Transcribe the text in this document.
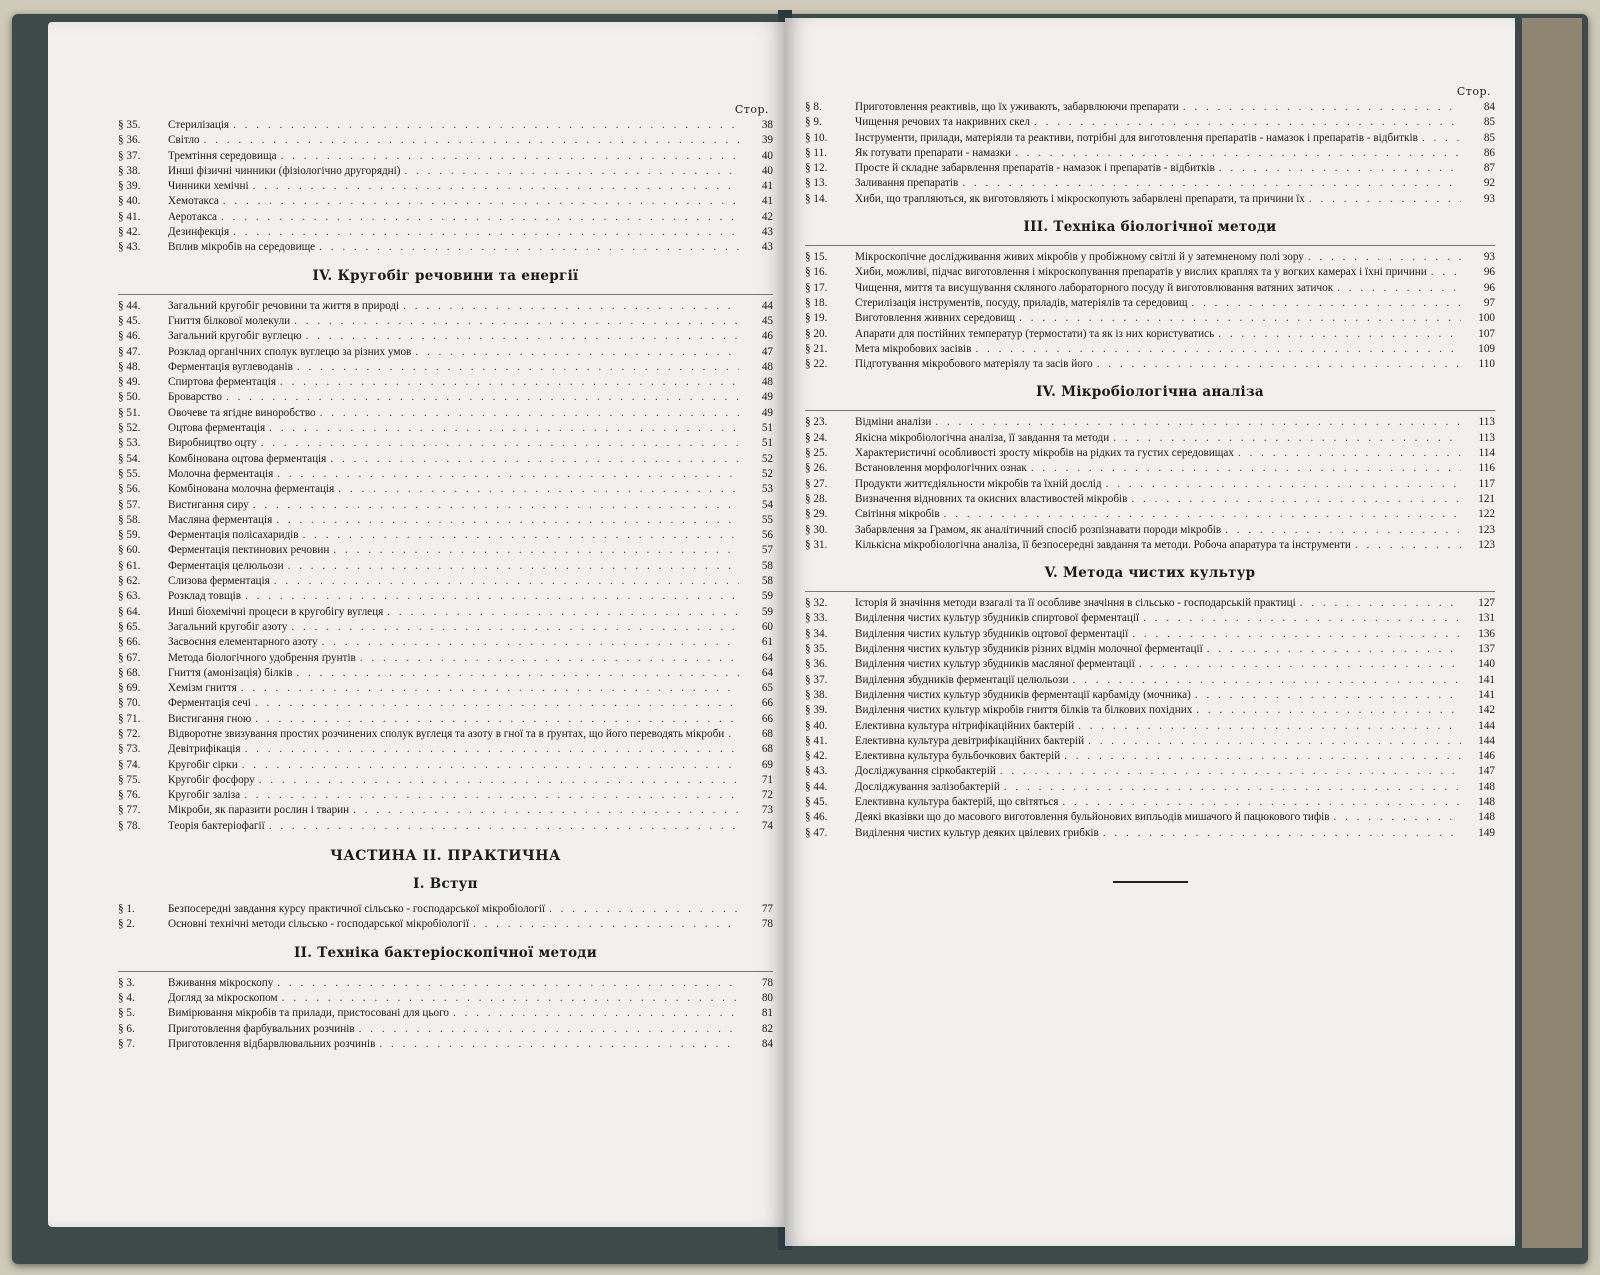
Стор.
§ 35.	Стерилізація . . .	38
§ 36.	Світло . . .	39
§ 37.	Тремтіння середовища . . .	40
§ 38.	Инші фізичні чинники (фізіологічно другорядні) . . .	40
§ 39.	Чинники хемічні . . .	41
§ 40.	Хемотакса . . .	41
§ 41.	Аеротакса . . .	42
§ 42.	Дезинфекція . . .	43
§ 43.	Вплив мікробів на середовище . . .	43
IV. Кругобіг речовини та енергії
§ 44.	Загальний кругобіг речовини та життя в природі . . .	44
§ 45.	Гниття білкової молекули . . .	45
§ 46.	Загальний кругобіг вуглецю . . .	46
§ 47.	Розклад органічних сполук вуглецю за різних умов . . .	47
§ 48.	Ферментація вуглеводанів . . .	48
§ 49.	Спиртова ферментація . . .	48
§ 50.	Броварство . . .	49
§ 51.	Овочеве та ягідне виноробство . . .	49
§ 52.	Оцтова ферментація . . .	51
§ 53.	Виробництво оцту . . .	51
§ 54.	Комбінована оцтова ферментація . . .	52
§ 55.	Молочна ферментація . . .	52
§ 56.	Комбінована молочна ферментація . . .	53
§ 57.	Вистигання сиру . . .	54
§ 58.	Масляна ферментація . . .	55
§ 59.	Ферментація полісахаридів . . .	56
§ 60.	Ферментація пектинових речовин . . .	57
§ 61.	Ферментація целюльози . . .	58
§ 62.	Слизова ферментація . . .	58
§ 63.	Розклад товщів . . .	59
§ 64.	Инші біохемічні процеси в кругобігу вуглеця . . .	59
§ 65.	Загальний кругобіг азоту . . .	60
§ 66.	Засвоєння елементарного азоту . . .	61
§ 67.	Метода біологічного удобрення ґрунтів . . .	64
§ 68.	Гниття (амонізація) білків . . .	64
§ 69.	Хемізм гниття . . .	65
§ 70.	Ферментація сечі . . .	66
§ 71.	Вистигання гною . . .	66
§ 72.	Відворотне звизування простих розчинених сполук вуглеця та азоту в гної та в ґрунтах, що його переводять мікроби . . .	68
§ 73.	Девітрифікація . . .	68
§ 74.	Кругобіг сірки . . .	69
§ 75.	Кругобіг фосфору . . .	71
§ 76.	Кругобіг заліза . . .	72
§ 77.	Мікроби, як паразити рослин і тварин . . .	73
§ 78.	Теорія бактеріофагії . . .	74
ЧАСТИНА II. ПРАКТИЧНА
I. Вступ
§ 1.	Безпосередні завдання курсу практичної сільсько - господарської мікробіології . . .	77
§ 2.	Основні технічні методи сільсько - господарської мікробіології . . .	78
II. Техніка бактеріоскопічної методи
§ 3.	Вживання мікроскопу . . .	78
§ 4.	Догляд за мікроскопом . . .	80
§ 5.	Вимірювання мікробів та прилади, пристосовані для цього . . .	81
§ 6.	Приготовлення фарбувальних розчинів . . .	82
§ 7.	Приготовлення відбарвлювальних розчинів . . .	84
Стор.
§ 8.	Приготовлення реактивів, що їх уживають, забарвлюючи препарати . . .	84
§ 9.	Чищення речових та накривних скел . . .	85
§ 10.	Інструменти, прилади, матеріяли та реактиви, потрібні для виготовлення препаратів - намазок і препаратів - відбитків . . .	85
§ 11.	Як готувати препарати - намазки . . .	86
§ 12.	Просте й складне забарвлення препаратів - намазок і препаратів - відбитків . . .	87
§ 13.	Заливання препаратів . . .	92
§ 14.	Хиби, що трапляються, як виготовляють і мікроскопують забарвлені препарати, та причини їх . . .	93
III. Техніка біологічної методи
§ 15.	Мікроскопічне дослідживання живих мікробів у пробіжному світлі й у затемненому полі зору . . .	93
§ 16.	Хиби, можливі, підчас виготовлення і мікроскопування препаратів у вислих краплях та у вогких камерах і їхні причини . . .	96
§ 17.	Чищення, миття та висушування скляного лабораторного посуду й виготовлювання ватяних затичок . . .	96
§ 18.	Стерилізація інструментів, посуду, приладів, матеріялів та середовищ . . .	97
§ 19.	Виготовлення живних середовищ . . .	100
§ 20.	Апарати для постійних температур (термостати) та як із них користуватись . . .	107
§ 21.	Мета мікробових засівів . . .	109
§ 22.	Підготування мікробового матеріялу та засів його . . .	110
IV. Мікробіологічна аналіза
§ 23.	Відміни аналізи . . .	113
§ 24.	Якісна мікробіологічна аналіза, її завдання та методи . . .	113
§ 25.	Характеристичні особливості зросту мікробів на рідких та густих середовищах . . .	114
§ 26.	Встановлення морфологічних ознак . . .	116
§ 27.	Продукти життєдіяльности мікробів та їхній дослід . . .	117
§ 28.	Визначення відновних та окисних властивостей мікробів . . .	121
§ 29.	Світіння мікробів . . .	122
§ 30.	Забарвлення за Грамом, як аналітичний спосіб розпізнавати породи мікробів . . .	123
§ 31.	Кількісна мікробіологічна аналіза, її безпосередні завдання та методи. Робоча апаратура та інструменти . . .	123
V. Метода чистих культур
§ 32.	Історія й значіння методи взагалі та її особливе значіння в сільсько - господарській практиці . . .	127
§ 33.	Виділення чистих культур збудників спиртової ферментації . . .	131
§ 34.	Виділення чистих культур збудників оцтової ферментації . . .	136
§ 35.	Виділення чистих культур збудників різних відмін молочної ферментації . . .	137
§ 36.	Виділення чистих культур збудників масляної ферментації . . .	140
§ 37.	Виділення збудників ферментації целюльози . . .	141
§ 38.	Виділення чистих культур збудників ферментації карбаміду (мочника) . . .	141
§ 39.	Виділення чистих культур мікробів гниття білків та білкових похідних . . .	142
§ 40.	Елективна культура нітрифікаційних бактерій . . .	144
§ 41.	Елективна культура девітрифікаційних бактерій . . .	144
§ 42.	Елективна культура бульбочкових бактерій . . .	146
§ 43.	Досліджування сіркобактерій . . .	147
§ 44.	Досліджування залізобактерій . . .	148
§ 45.	Елективна культура бактерій, що світяться . . .	148
§ 46.	Деякі вказівки що до масового виготовлення бульйонових випльодів мишачого й пацюкового тифів . . .	148
§ 47.	Виділення чистих культур деяких цвілевих грибків . . .	149
